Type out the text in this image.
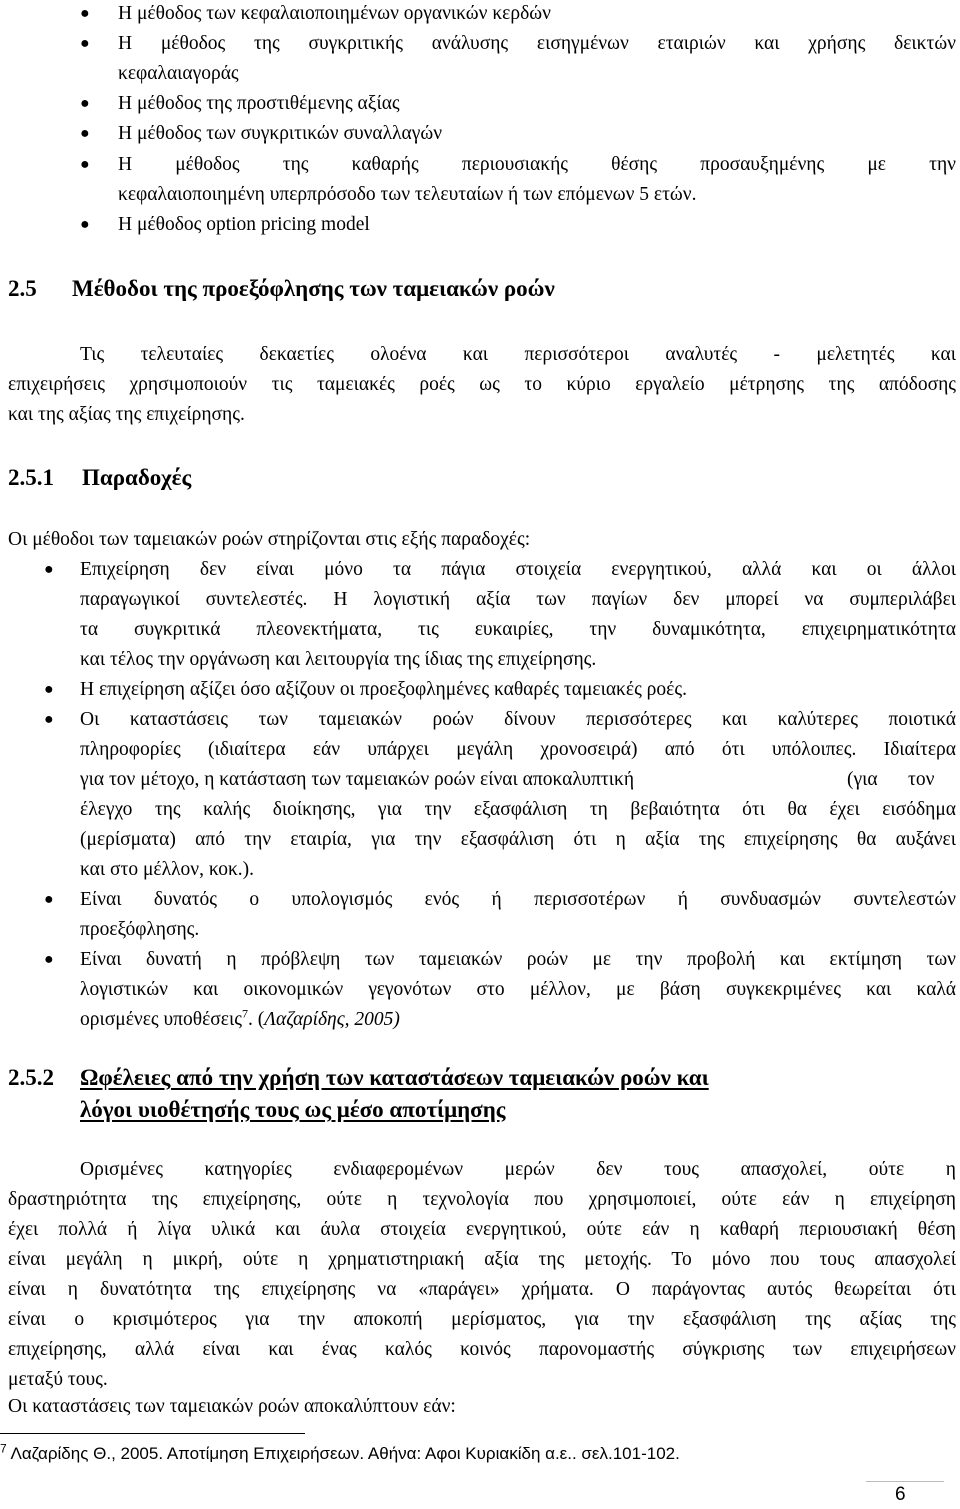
● Η μέθοδος των κεφαλαιοποιημένων οργανικών κερδών
● Η μέθοδος της συγκριτικής ανάλυσης εισηγμένων εταιριών και χρήσης δεικτών
κεφαλαιαγοράς
● Η μέθοδος της προστιθέμενης αξίας
● Η μέθοδος των συγκριτικών συναλλαγών
● Η μέθοδος της καθαρής περιουσιακής θέσης προσαυξημένης με την
κεφαλαιοποιημένη υπερπρόσοδο των τελευταίων ή των επόμενων 5 ετών.
● Η μέθοδος option pricing model
2.5 Μέθοδοι της προεξόφλησης των ταμειακών ροών
Τις τελευταίες δεκαετίες ολοένα και περισσότεροι αναλυτές - μελετητές και
επιχειρήσεις χρησιμοποιούν τις ταμειακές ροές ως το κύριο εργαλείο μέτρησης της απόδοσης
και της αξίας της επιχείρησης.
2.5.1 Παραδοχές
Οι μέθοδοι των ταμειακών ροών στηρίζονται στις εξής παραδοχές:
● Επιχείρηση δεν είναι μόνο τα πάγια στοιχεία ενεργητικού, αλλά και οι άλλοι
παραγωγικοί συντελεστές. Η λογιστική αξία των παγίων δεν μπορεί να συμπεριλάβει
τα συγκριτικά πλεονεκτήματα, τις ευκαιρίες, την δυναμικότητα, επιχειρηματικότητα
και τέλος την οργάνωση και λειτουργία της ίδιας της επιχείρησης.
● Η επιχείρηση αξίζει όσο αξίζουν οι προεξοφλημένες καθαρές ταμειακές ροές.
● Οι καταστάσεις των ταμειακών ροών δίνουν περισσότερες και καλύτερες ποιοτικά
πληροφορίες (ιδιαίτερα εάν υπάρχει μεγάλη χρονοσειρά) από ότι υπόλοιπες. Ιδιαίτερα
για τον μέτοχο, η κατάσταση των ταμειακών ροών είναι αποκαλυπτική	(για τον
έλεγχο της καλής διοίκησης, για την εξασφάλιση τη βεβαιότητα ότι θα έχει εισόδημα
(μερίσματα) από την εταιρία, για την εξασφάλιση ότι η αξία της επιχείρησης θα αυξάνει
και στο μέλλον, κοκ.).
● Είναι δυνατός ο υπολογισμός ενός ή περισσοτέρων ή συνδυασμών συντελεστών
προεξόφλησης.
● Είναι δυνατή η πρόβλεψη των ταμειακών ροών με την προβολή και εκτίμηση των
λογιστικών και οικονομικών γεγονότων στο μέλλον, με βάση συγκεκριμένες και καλά
ορισμένες υποθέσεις$^7$. (Λαζαρίδης, 2005)
2.5.2 Ωφέλειες από την χρήση των καταστάσεων ταμειακών ροών και
λόγοι υιοθέτησής τους ως μέσο αποτίμησης
Ορισμένες κατηγορίες ενδιαφερομένων μερών δεν τους απασχολεί, ούτε η
δραστηριότητα της επιχείρησης, ούτε η τεχνολογία που χρησιμοποιεί, ούτε εάν η επιχείρηση
έχει πολλά ή λίγα υλικά και άυλα στοιχεία ενεργητικού, ούτε εάν η καθαρή περιουσιακή θέση
είναι μεγάλη η μικρή, ούτε η χρηματιστηριακή αξία της μετοχής. Το μόνο που τους απασχολεί
είναι η δυνατότητα της επιχείρησης να «παράγει» χρήματα. Ο παράγοντας αυτός θεωρείται ότι
είναι ο κρισιμότερος για την αποκοπή μερίσματος, για την εξασφάλιση της αξίας της
επιχείρησης, αλλά είναι και ένας καλός κοινός παρονομαστής σύγκρισης των επιχειρήσεων
μεταξύ τους.
Οι καταστάσεις των ταμειακών ροών αποκαλύπτουν εάν:
$^7$ Λαζαρίδης Θ., 2005. Αποτίμηση Επιχειρήσεων. Αθήνα: Αφοι Κυριακίδη α.ε.. σελ.101-102.
6
